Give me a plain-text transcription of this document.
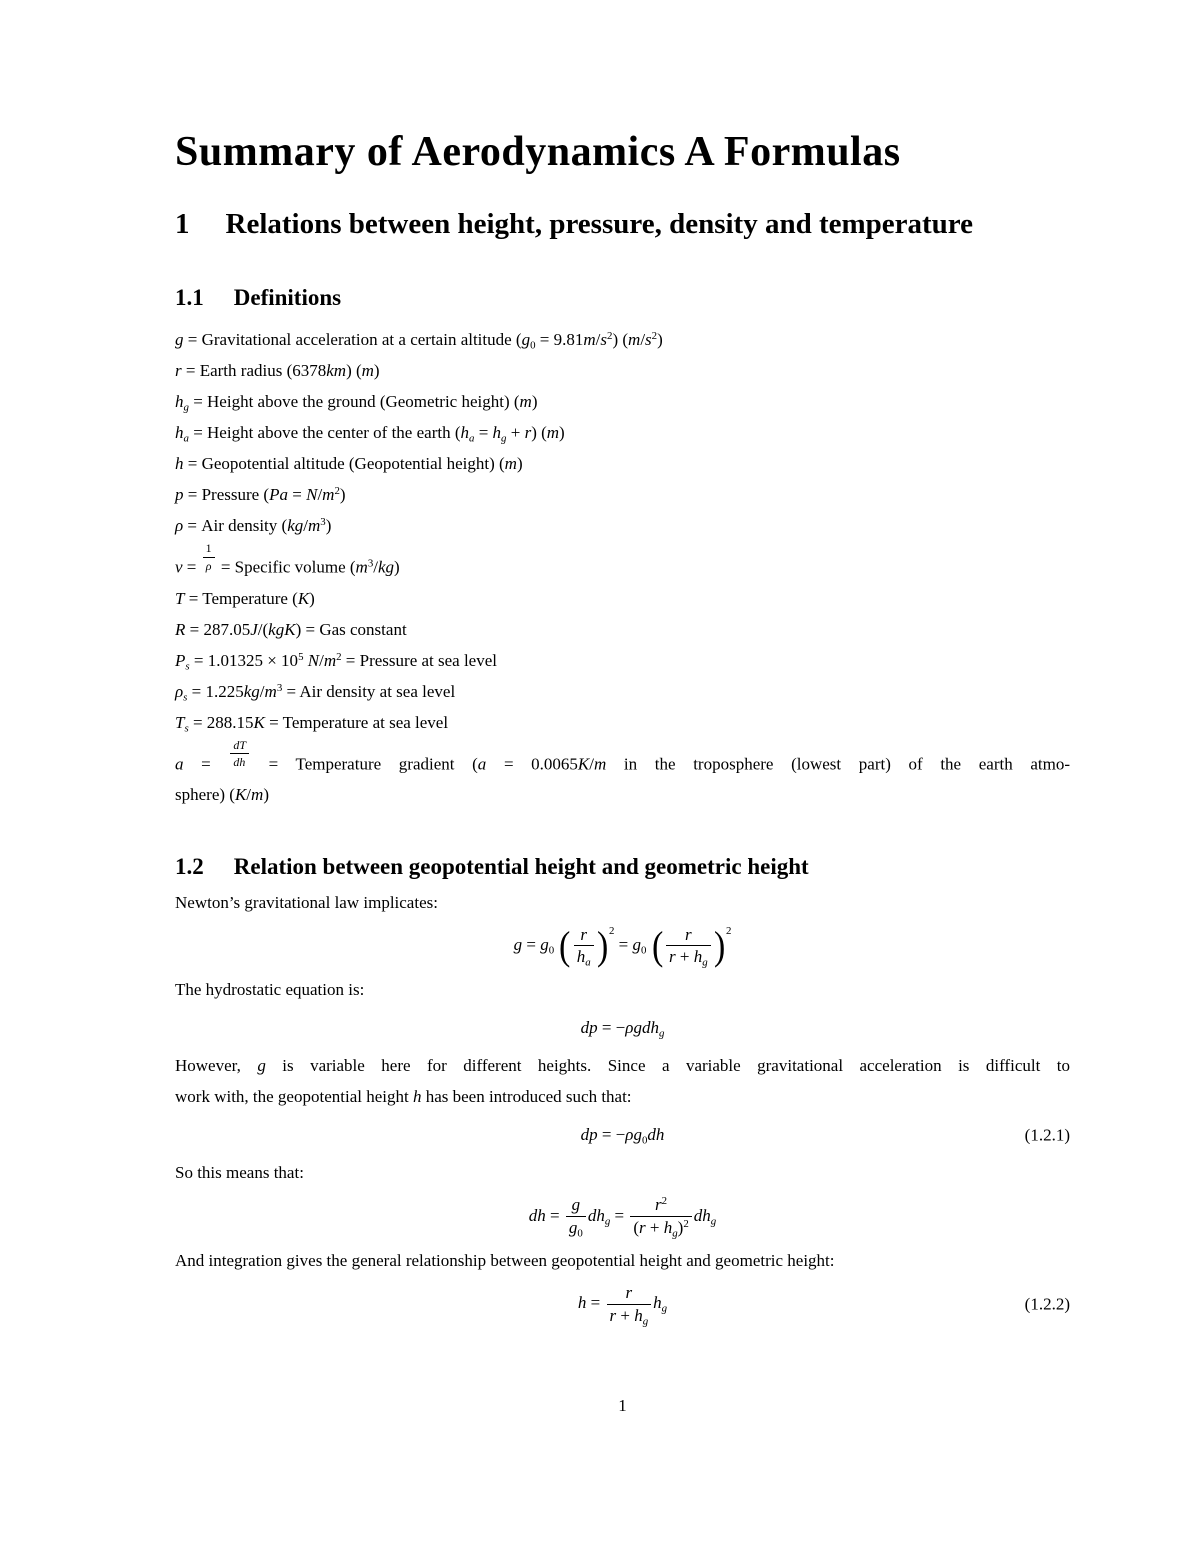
Summary of Aerodynamics A Formulas
1 Relations between height, pressure, density and temperature
1.1 Definitions
g = Gravitational acceleration at a certain altitude $(g_0 = 9.81m/s^2)$ $(m/s^2)$
r = Earth radius (6378km) (m)
$h_g$ = Height above the ground (Geometric height) (m)
$h_a$ = Height above the center of the earth $(h_a = h_g + r)$ (m)
h = Geopotential altitude (Geopotential height) (m)
p = Pressure $(Pa = N/m^2)$
ρ = Air density $(kg/m^3)$
$\nu = \frac{1}{\rho}$ = Specific volume $(m^3/kg)$
T = Temperature (K)
R = 287.05J/(kgK) = Gas constant
$P_s = 1.01325 \times 10^5$ $N/m^2$ = Pressure at sea level
$\rho_s = 1.225kg/m^3$ = Air density at sea level
$T_s = 288.15K$ = Temperature at sea level
$a = \frac{dT}{dh}$ = Temperature gradient (a = 0.0065K/m in the troposphere (lowest part) of the earth atmo-
sphere) (K/m)
1.2 Relation between geopotential height and geometric height

Newton’s gravitational law implicates:

$g = g_0$ ( $\frac{r}{h_a} )^2 = g_0$ ( $\frac{r}{r + h_g} )^2$

The hydrostatic equation is:

dp = −ρgdh$_g$

However, g is variable here for different heights. Since a variable gravitational acceleration is difficult to

work with, the geopotential height h has been introduced such that:

dp = $-\rho g_0dh$	(1.2.1)

So this means that:

dh = $\frac{g}{g_0} dh_g = \frac{r^2}{(r + h_g)^2} dh_g$

And integration gives the general relationship between geopotential height and geometric height:

$h = \frac{r}{r + h_g} h_g$	(1.2.2)
1
